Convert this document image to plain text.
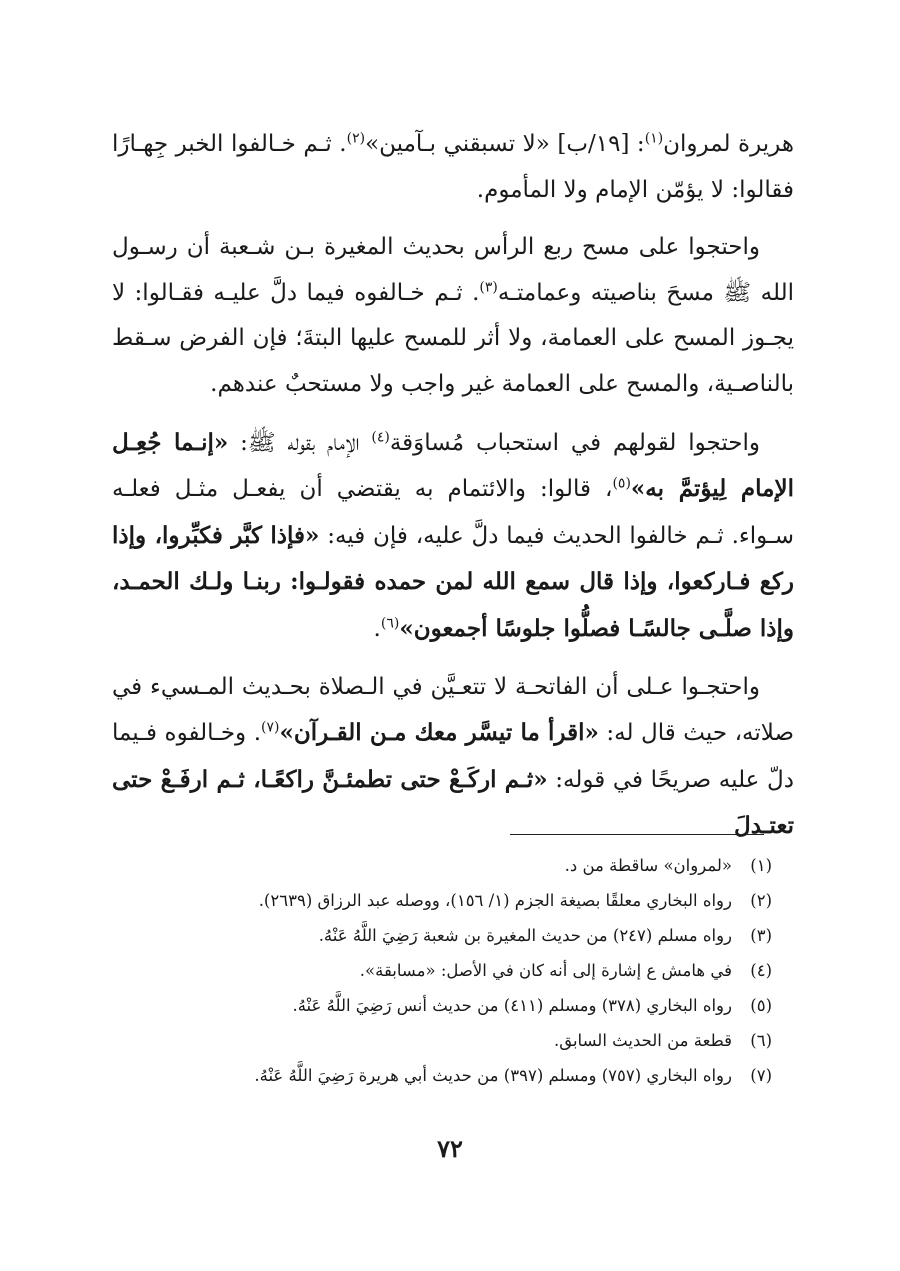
هريرة لمروان$^{(١)}$: [١٩/ب] «لا تسبقني بـآمين»$^{(٢)}$. ثـم خـالفوا الخبر جِهـارًا فقالوا: لا يؤمّن الإمام ولا المأموم.

واحتجوا على مسح ربع الرأس بحديث المغيرة بـن شـعبة أن رسـول الله ﷺ مسحَ بناصيته وعمامتـه$^{(٣)}$. ثـم خـالفوه فيما دلَّ عليـه فقـالوا: لا يجـوز المسح على العمامة، ولا أثر للمسح عليها البتةَ؛ فإن الفرض سـقط بالناصـية، والمسح على العمامة غير واجب ولا مستحبٌ عندهم.

واحتجوا لقولهم في استحباب مُساوَقة$^{(٤)}$ الإمام بقوله ﷺ: «إنـما جُعِـل الإمام لِيؤتمَّ به»$^{(٥)}$، قالوا: والائتمام به يقتضي أن يفعـل مثـل فعلـه سـواء. ثـم خالفوا الحديث فيما دلَّ عليه، فإن فيه: «فإذا كبَّر فكبِّروا، وإذا ركع فـاركعوا، وإذا قال سمع الله لمن حمده فقولـوا: ربنـا ولـك الحمـد، وإذا صلَّـى جالسًـا فصلُّوا جلوسًا أجمعون»$^{(٦)}$.

واحتجـوا عـلى أن الفاتحـة لا تتعـيَّن في الـصلاة بحـديث المـسيء في صلاته، حيث قال له: «اقرأ ما تيسَّر معك مـن القـرآن»$^{(٧)}$. وخـالفوه فـيما دلّ عليه صريحًا في قوله: «ثـم اركَـعْ حتى تطمئـنَّ راكعًـا، ثـم ارفَـعْ حتى تعتـدلَ

(١)
«لمروان» ساقطة من د.
(٢)
رواه البخاري معلقًا بصيغة الجزم (١/ ١٥٦)، ووصله عبد الرزاق (٢٦٣٩).
(٣)
رواه مسلم (٢٤٧) من حديث المغيرة بن شعبة رَضِيَ اللَّهُ عَنْهُ.
(٤)
في هامش ع إشارة إلى أنه كان في الأصل: «مسابقة».
(٥)
رواه البخاري (٣٧٨) ومسلم (٤١١) من حديث أنس رَضِيَ اللَّهُ عَنْهُ.
(٦)
قطعة من الحديث السابق.
(٧)
رواه البخاري (٧٥٧) ومسلم (٣٩٧) من حديث أبي هريرة رَضِيَ اللَّهُ عَنْهُ.
٧٢
